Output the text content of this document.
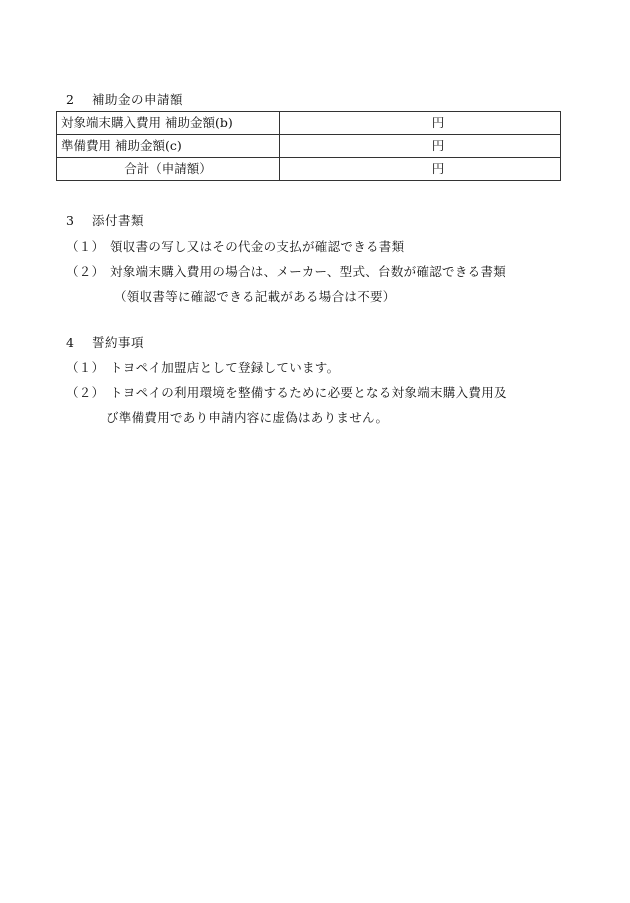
2 補助金の申請額
対象端末購入費用 補助金額(b)	円
準備費用 補助金額(c)	円
合計（申請額）	円
3 添付書類
（１） 領収書の写し又はその代金の支払が確認できる書類
（２） 対象端末購入費用の場合は、メーカー、型式、台数が確認できる書類
（領収書等に確認できる記載がある場合は不要）
4 誓約事項
（１） トヨペイ加盟店として登録しています。
（２） トヨペイの利用環境を整備するために必要となる対象端末購入費用及
び準備費用であり申請内容に虚偽はありません。
